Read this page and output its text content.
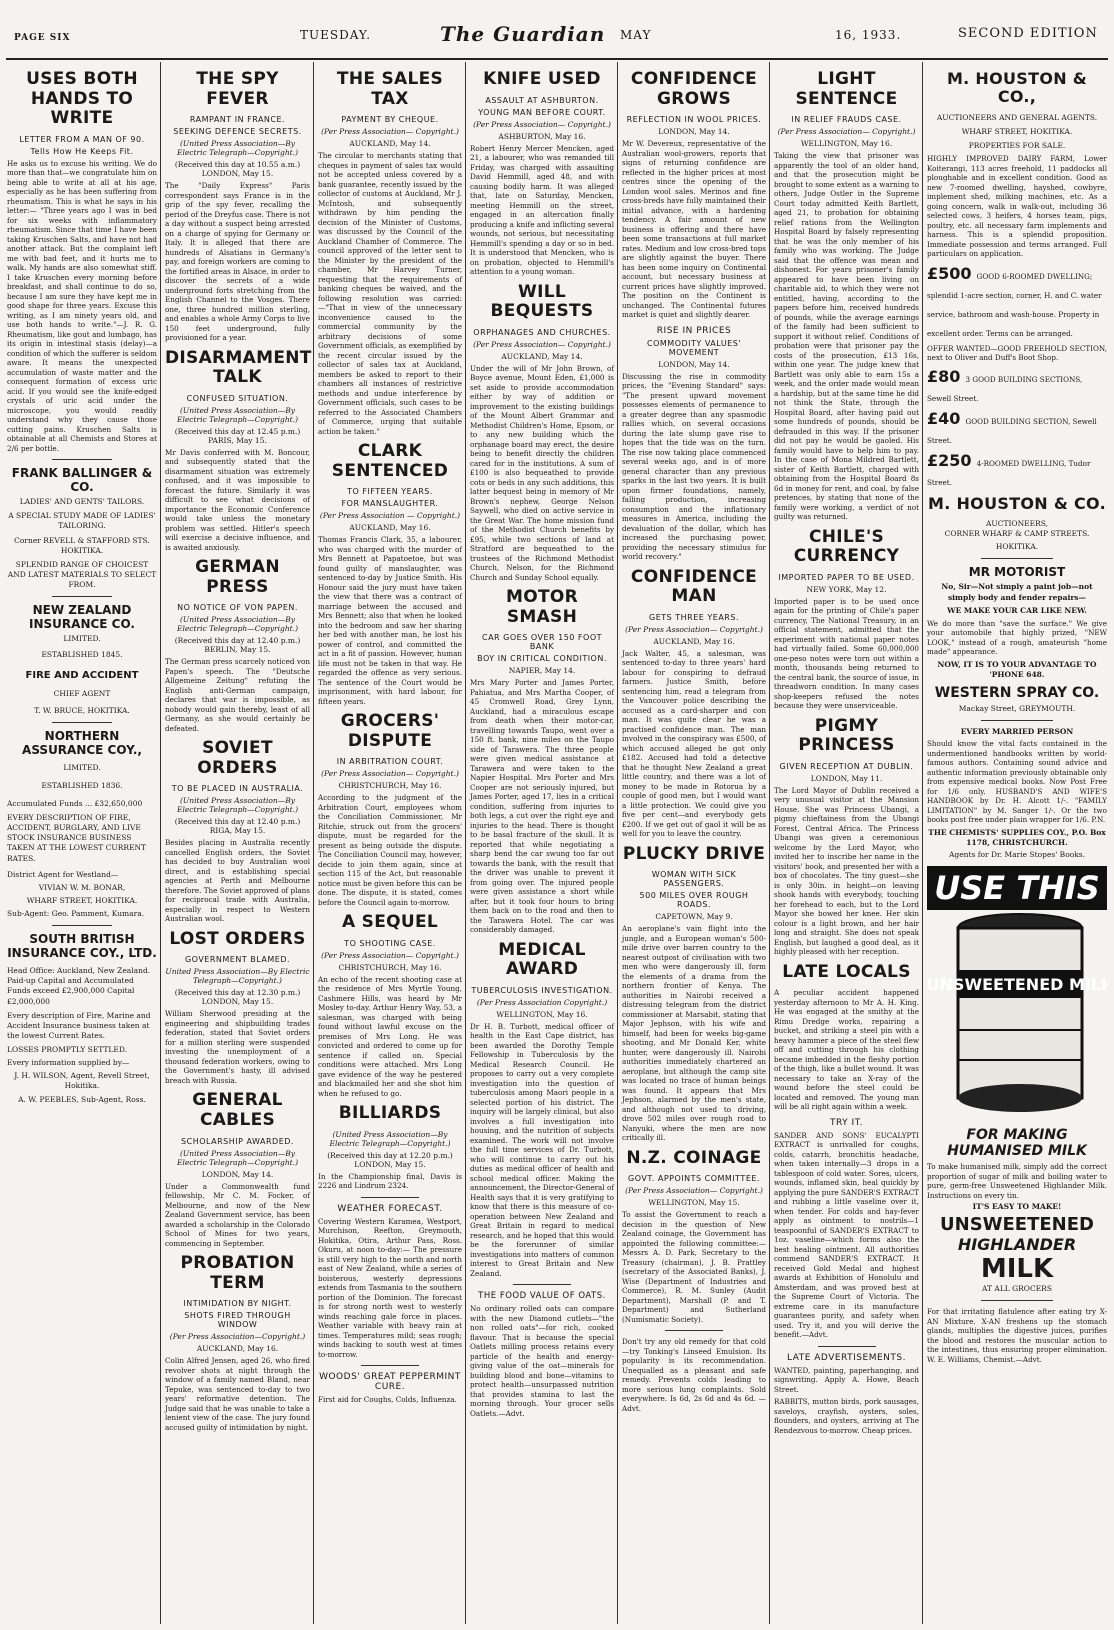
PAGE SIX	TUESDAY.	The Guardian MAY	16, 1933.	SECOND EDITION
USES BOTH HANDS TO WRITE
LETTER FROM A MAN OF 90.
Tells How He Keeps Fit.

He asks us to excuse his writing. We do more than that—we congratulate him on being able to write at all at his age, especially as he has been suffering from rheumatism. This is what he says in his letter:— "Three years ago I was in bed for six weeks with inflammatory rheumatism. Since that time I have been taking Kruschen Salts, and have not had another attack. But the complaint left me with bad feet, and it hurts me to walk. My hands are also somewhat stiff. I take Kruschen every morning before breakfast, and shall continue to do so, because I am sure they have kept me in good shape for three years. Excuse this writing, as I am ninety years old, and use both hands to write."—J. R. G. Rheumatism, like gout and lumbago, has its origin in intestinal stasis (delay)—a condition of which the sufferer is seldom aware. It means the unexpected accumulation of waste matter and the consequent formation of excess uric acid. If you would see the knife-edged crystals of uric acid under the microscope, you would readily understand why they cause those cutting pains. Kruschen Salts is obtainable at all Chemists and Stores at 2/6 per bottle.

FRANK BALLINGER & CO.
LADIES' AND GENTS' TAILORS.
A SPECIAL STUDY MADE OF LADIES' TAILORING.
Corner REVELL & STAFFORD STS. HOKITIKA.
SPLENDID RANGE OF CHOICEST AND LATEST MATERIALS TO SELECT FROM.
NEW ZEALAND INSURANCE CO.
LIMITED.
ESTABLISHED 1845.
FIRE AND ACCIDENT
CHIEF AGENT
T. W. BRUCE, HOKITIKA.
NORTHERN ASSURANCE COY.,
LIMITED.
ESTABLISHED 1836.
Accumulated Funds ... £32,650,000
EVERY DESCRIPTION OF FIRE, ACCIDENT, BURGLARY, AND LIVE STOCK INSURANCE BUSINESS TAKEN AT THE LOWEST CURRENT RATES.
District Agent for Westland—
VIVIAN W. M. BONAR,
WHARF STREET, HOKITIKA.
Sub-Agent: Geo. Pamment, Kumara.
SOUTH BRITISH INSURANCE COY., LTD.
Head Office: Auckland, New Zealand. Paid-up Capital and Accumulated Funds exceed £2,900,000 Capital £2,000,000
Every description of Fire, Marine and Accident Insurance business taken at the lowest Current Rates.
LOSSES PROMPTLY SETTLED.
Every information supplied by—
J. H. WILSON, Agent, Revell Street, Hokitika.
A. W. PEEBLES, Sub-Agent, Ross.
THE SPY FEVER
RAMPANT IN FRANCE.
SEEKING DEFENCE SECRETS.
(United Press Association—By Electric Telegraph—Copyright.)
(Received this day at 10.55 a.m.) LONDON, May 15.

The "Daily Express" Paris correspondent says France is in the grip of the spy fever, recalling the period of the Dreyfus case. There is not a day without a suspect being arrested on a charge of spying for Germany or Italy. It is alleged that there are hundreds of Alsatians in Germany's pay, and foreign workers are coming to the fortified areas in Alsace, in order to discover the secrets of a wide underground forts stretching from the English Channel to the Vosges. There one, three hundred million sterling, and enables a whole Army Corps to live 150 feet underground, fully provisioned for a year.

DISARMAMENT TALK
CONFUSED SITUATION.
(United Press Association—By Electric Telegraph—Copyright.)
(Received this day at 12.45 p.m.) PARIS, May 15.

Mr Davis conferred with M. Boncour, and subsequently stated that the disarmament situation was extremely confused, and it was impossible to forecast the future. Similarly it was difficult to see what decisions of importance the Economic Conference would take unless the monetary problem was settled. Hitler's speech will exercise a decisive influence, and is awaited anxiously.

GERMAN PRESS
NO NOTICE OF VON PAPEN.
(United Press Association—By Electric Telegraph—Copyright.)
(Received this day at 12.40 p.m.) BERLIN, May 15.

The German press scarcely noticed von Papen's speech. The "Deutsche Allgemeine Zeitung" refuting the English anti-German campaign, declares that war is impossible, as nobody would gain thereby, least of all Germany, as she would certainly be defeated.

SOVIET ORDERS
TO BE PLACED IN AUSTRALIA.
(United Press Association—By Electric Telegraph—Copyright.)
(Received this day at 12.40 p.m.) RIGA, May 15.

Besides placing in Australia recently cancelled English orders, the Soviet has decided to buy Australian wool direct, and is establishing special agencies at Perth and Melbourne therefore. The Soviet approved of plans for reciprocal trade with Australia, especially in respect to Western Australian wool.

LOST ORDERS
GOVERNMENT BLAMED.
United Press Association—By Electric Telegraph—Copyright.)
(Received this day at 12.30 p.m.) LONDON, May 15.

William Sherwood presiding at the engineering and shipbuilding trades federation, stated that Soviet orders for a million sterling were suspended investing the unemployment of a thousand federation workers, owing to the Government's hasty, ill advised breach with Russia.

GENERAL CABLES
SCHOLARSHIP AWARDED.
(United Press Association—By Electric Telegraph—Copyright.)
LONDON, May 14.

Under a Commonwealth fund fellowship, Mr C. M. Focker, of Melbourne, and now of the New Zealand Government service, has been awarded a scholarship in the Colorado School of Mines for two years, commencing in September.

PROBATION TERM
INTIMIDATION BY NIGHT.
SHOTS FIRED THROUGH WINDOW
(Per Press Association—Copyright.)
AUCKLAND, May 16.

Colin Alfred Jensen, aged 26, who fired revolver shots at night through the window of a family named Bland, near Tepuke, was sentenced to-day to two years' reformative detention. The Judge said that he was unable to take a lenient view of the case. The jury found accused guilty of intimidation by night.

THE SALES TAX
PAYMENT BY CHEQUE.
(Per Press Association— Copyright.)
AUCKLAND, May 14.

The circular to merchants stating that cheques in payment of sales tax would not be accepted unless covered by a bank guarantee, recently issued by the collector of customs at Auckland, Mr J. McIntosh, and subsequently withdrawn by him pending the decision of the Minister of Customs, was discussed by the Council of the Auckland Chamber of Commerce. The council approved of the letter sent to the Minister by the president of the chamber, Mr Harvey Turner, requesting that the requirements of banking cheques be waived, and the following resolution was carried:—"That in view of the unnecessary inconvenience caused to the commercial community by the arbitrary decisions of some Government officials, as exemplified by the recent circular issued by the collector of sales tax at Auckland, members be asked to report to their chambers all instances of restrictive methods and undue interference by Government officials, such cases to be referred to the Associated Chambers of Commerce, urging that suitable action be taken."

CLARK SENTENCED
TO FIFTEEN YEARS.
FOR MANSLAUGHTER.
(Per Press Association — Copyright.)
AUCKLAND, May 16.

Thomas Francis Clark, 35, a labourer, who was charged with the murder of Mrs Bennett at Papatoetoe, but was found guilty of manslaughter, was sentenced to-day by Justice Smith. His Honour said the jury must have taken the view that there was a contract of marriage between the accused and Mrs Bennett; also that when he looked into the bedroom and saw her sharing her bed with another man, he lost his power of control, and committed the act in a fit of passion. However, human life must not be taken in that way. He regarded the offence as very serious. The sentence of the Court would be imprisonment, with hard labour, for fifteen years.

GROCERS' DISPUTE
IN ARBITRATION COURT.
(Per Press Association— Copyright.)
CHRISTCHURCH, May 16.

According to the judgment of the Arbitration Court, employees whom the Conciliation Commissioner, Mr Ritchie, struck out from the grocers' dispute, must be regarded for the present as being outside the dispute. The Conciliation Council may, however, decide to join them again, since at section 115 of the Act, but reasonable notice must be given before this can be done. The dispute, it is stated, comes before the Council again to-morrow.

A SEQUEL
TO SHOOTING CASE.
(Per Press Association— Copyright.)
CHRISTCHURCH, May 16.

An echo of the recent shooting case at the residence of Mrs Myrtle Young, Cashmere Hills, was heard by Mr Mosley to-day. Arthur Henry Way, 53, a salesman, was charged with being found without lawful excuse on the premises of Mrs Long. He was convicted and ordered to come up for sentence if called on. Special conditions were attached. Mrs Long gave evidence of the way he pestered and blackmailed her and she shot him when he refused to go.

BILLIARDS
(United Press Association—By Electric Telegraph—Copyright.)
(Received this day at 12.20 p.m.) LONDON, May 15.

In the Championship final, Davis is 2226 and Lindrum 2324.

WEATHER FORECAST.

Covering Western Karamea, Westport, Murchison, Reefton, Greymouth, Hokitika, Otira, Arthur Pass, Ross. Okuru, at noon to-day:— The pressure is still very high to the north and north east of New Zealand, while a series of boisterous, westerly depressions extends from Tasmania to the southern portion of the Dominion. The forecast is for strong north west to westerly winds reaching gale force in places. Weather variable with heavy rain at times. Temperatures mild; seas rough; winds backing to south west at times to-morrow.

WOODS' GREAT PEPPERMINT CURE.

First aid for Coughs, Colds, Influenza.

KNIFE USED
ASSAULT AT ASHBURTON.
YOUNG MAN BEFORE COURT.
(Per Press Association— Copyright.)
ASHBURTON, May 16.

Robert Henry Mercer Mencken, aged 21, a labourer, who was remanded till Friday, was charged with assaulting David Hemmill, aged 48, and with causing bodily harm. It was alleged that, late on Saturday, Mencken, meeting Hemmill on the street, engaged in an altercation finally producing a knife and inflicting several wounds, not serious, but necessitating Hemmill's spending a day or so in bed. It is understood that Mencken, who is on probation, objected to Hemmill's attention to a young woman.

WILL BEQUESTS
ORPHANAGES AND CHURCHES.
(Per Press Association— Copyright.)
AUCKLAND, May 14.

Under the will of Mr John Brown, of Boyce avenue, Mount Eden, £1,000 is set aside to provide accommodation either by way of addition or improvement to the existing buildings of the Mount Albert Grammar and Methodist Children's Home, Epsom, or to any new building which the orphanage board may erect, the desire being to benefit directly the children cared for in the institutions. A sum of £100 is also bequeathed to provide cots or beds in any such additions, this latter bequest being in memory of Mr Brown's nephew, George Nelson Saywell, who died on active service in the Great War. The home mission fund of the Methodist Church benefits by £95, while two sections of land at Stratford are bequeathed to the trustees of the Richmond Methodist Church, Nelson, for the Richmond Church and Sunday School equally.

MOTOR SMASH
CAR GOES OVER 150 FOOT BANK
BOY IN CRITICAL CONDITION.
NAPIER, May 14.

Mrs Mary Porter and James Porter, Pahiatua, and Mrs Martha Cooper, of 45 Cromwell Road, Grey Lynn, Auckland, had a miraculous escape from death when their motor-car, travelling towards Taupo, went over a 150 ft. bank, nine miles on the Taupo side of Tarawera. The three people were given medical assistance at Tarawera and were taken to the Napier Hospital. Mrs Porter and Mrs Cooper are not seriously injured, but James Porter, aged 17, lies in a critical condition, suffering from injuries to both legs, a cut over the right eye and injuries to the head. There is thought to be basal fracture of the skull. It is reported that while negotiating a sharp bend the car swung too far out towards the bank, with the result that the driver was unable to prevent it from going over. The injured people were given assistance a short while after, but it took four hours to bring them back on to the road and then to the Tarawera Hotel. The car was considerably damaged.

MEDICAL AWARD
TUBERCULOSIS INVESTIGATION.
(Per Press Association Copyright.)
WELLINGTON, May 16.

Dr H. B. Turbott, medical officer of health in the East Cape district, has been awarded the Dorothy Temple Fellowship in Tuberculosis by the Medical Research Council. He proposes to carry out a very complete investigation into the question of tuberculosis among Maori people in a selected portion of his district. The inquiry will be largely clinical, but also involves a full investigation into housing, and the nutrition of subjects examined. The work will not involve the full time services of Dr. Turbott, who will continue to carry out his duties as medical officer of health and school medical officer. Making the announcement, the Director-General of Health says that it is very gratifying to know that there is this measure of co-operation between New Zealand and Great Britain in regard to medical research, and he hoped that this would be the forerunner of similar investigations into matters of common interest to Great Britain and New Zealand.

THE FOOD VALUE OF OATS.

No ordinary rolled oats can compare with the new Diamond cutlets—"the non rolled oats"—for rich, cooked flavour. That is because the special Oatlets milling process retains every particle of the health and energy-giving value of the oat—minerals for building blood and bone—vitamins to protect health—unsurpassed nutrition that provides stamina to last the morning through. Your grocer sells Oatlets.—Advt.

CONFIDENCE GROWS
REFLECTION IN WOOL PRICES.
LONDON, May 14.

Mr W. Devereux, representative of the Australian wool-growers, reports that signs of returning confidence are reflected in the higher prices at most centres since the opening of the London wool sales. Merinos and fine cross-breds have fully maintained their initial advance, with a hardening tendency. A fair amount of new business is offering and there have been some transactions at full market rates. Medium and low cross-bred tops are slightly against the buyer. There has been some inquiry on Continental account, but necessary business at current prices have slightly improved. The position on the Continent is unchanged. The Continental futures market is quiet and slightly dearer.

RISE IN PRICES
COMMODITY VALUES' MOVEMENT
LONDON, May 14.

Discussing the rise in commodity prices, the "Evening Standard" says: "The present upward movement possesses elements of permanence to a greater degree than any spasmodic rallies which, on several occasions during the late slump gave rise to hopes that the tide was on the turn. The rise now taking place commenced several weeks ago, and is of more general character than any previous sparks in the last two years. It is built upon firmer foundations, namely, falling production, increasing consumption and the inflationary measures in America, including the devaluation of the dollar, which has increased the purchasing power, providing the necessary stimulus for world recovery."

CONFIDENCE MAN
GETS THREE YEARS.
(Per Press Association— Copyright.)
AUCKLAND, May 16.

Jack Walter, 45, a salesman, was sentenced to-day to three years' hard labour for conspiring to defraud farmers. Justice Smith, before sentencing him, read a telegram from the Vancouver police describing the accused as a card-sharper and con man. It was quite clear he was a practised confidence man. The man involved in the conspiracy was £500, of which accused alleged he got only £182. Accused had told a detective that he thought New Zealand a great little country, and there was a lot of money to be made in Rotorua by a couple of good men, but I would want a little protection. We could give you five per cent—and everybody gets £200. If we get out of gaol it will be as well for you to leave the country.

PLUCKY DRIVE
WOMAN WITH SICK PASSENGERS.
500 MILES OVER ROUGH ROADS.
CAPETOWN, May 9.

An aeroplane's vain flight into the jungle, and a European woman's 500-mile drive over barren country to the nearest outpost of civilisation with two men who were dangerously ill, form the elements of a drama from the northern frontier of Kenya. The authorities in Nairobi received a distressing telegram from the district commissioner at Marsabit, stating that Major Jephson, with his wife and himself, had been for weeks big-game shooting, and Mr Donald Ker, white hunter, were dangerously ill. Nairobi authorities immediately chartered an aeroplane, but although the camp site was located no trace of human beings was found. It appears that Mrs Jephson, alarmed by the men's state, and although not used to driving, drove 502 miles over rough road to Nanyuki, where the men are now critically ill.

N.Z. COINAGE
GOVT. APPOINTS COMMITTEE.
(Per Press Association— Copyright.)
WELLINGTON, May 15.

To assist the Government to reach a decision in the question of New Zealand coinage, the Government has appointed the following committee:—Messrs A. D. Park, Secretary to the Treasury (chairman), J. B. Prattley (secretary of the Associated Banks), J. Wise (Department of Industries and Commerce), R. M. Sunley (Audit Department), Marshall (P. and T. Department) and Sutherland (Numismatic Society).

Don't try any old remedy for that cold—try Tonking's Linseed Emulsion. Its popularity is its recommendation. Unequalled as a pleasant and safe remedy. Prevents colds leading to more serious lung complaints. Sold everywhere. Is 6d, 2s 6d and 4s 6d. —Advt.

LIGHT SENTENCE
IN RELIEF FRAUDS CASE.
(Per Press Association— Copyright.)
WELLINGTON, May 16.

Taking the view that prisoner was apparently the tool of an older hand, and that the prosecution might be brought to some extent as a warning to others, Judge Ostler in the Supreme Court today admitted Keith Bartlett, aged 21, to probation for obtaining relief rations from the Wellington Hospital Board by falsely representing that he was the only member of his family who was working. The Judge said that the offence was mean and dishonest. For years prisoner's family appeared to have been living on charitable aid, to which they were not entitled, having, according to the papers before him, received hundreds of pounds, while the average earnings of the family had been sufficient to support it without relief. Conditions of probation were that prisoner pay the costs of the prosecution, £13 16s, within one year. The judge knew that Bartlett was only able to earn 15s a week, and the order made would mean a hardship, but at the same time he did not think the State, through the Hospital Board, after having paid out some hundreds of pounds, should be defrauded in this way. If the prisoner did not pay he would be gaoled. His family would have to help him to pay. In the case of Mona Mildred Bartlett, sister of Keith Bartlett, charged with obtaining from the Hospital Board 8s 6d in money for rent, and coal, by false pretences, by stating that none of the family were working, a verdict of not guilty was returned.

CHILE'S CURRENCY
IMPORTED PAPER TO BE USED.
NEW YORK, May 12.

Imported paper is to be used once again for the printing of Chile's paper currency, The National Treasury, in an official statement, admitted that the experiment with national paper notes had virtually failed. Some 60,000,000 one-peso notes were torn out within a month, thousands being returned to the central bank, the source of issue, in threadworn condition. In many cases shop-keepers refused the notes because they were unserviceable.

PIGMY PRINCESS
GIVEN RECEPTION AT DUBLIN.
LONDON, May 11.

The Lord Mayor of Dublin received a very unusual visitor at the Mansion House. She was Princess Ubangi, a pigmy chieftainess from the Ubangi Forest, Central Africa. The Princess Ubangi was given a ceremonious welcome by the Lord Mayor, who invited her to inscribe her name in the visitors' book, and presented her with a box of chocolates. The tiny guest—she is only 30in. in height—on leaving shook hands with everybody, touching her forehead to each, but to the Lord Mayor she bowed her knee. Her skin colour is a light brown, and her hair long and straight. She does not speak English, but laughed a good deal, as it highly pleased with her reception.

LATE LOCALS

A peculiar accident happened yesterday afternoon to Mr A. H. King. He was engaged at the smithy at the Rimu Dredge works, repairing a bucket, and striking a steel pin with a heavy hammer a piece of the steel flew off and cutting through his clothing became imbedded in the fleshy portion of the thigh, like a bullet wound. It was necessary to take an X-ray of the wound before the steel could be located and removed. The young man will be all right again within a week.

TRY IT.

SANDER AND SONS' EUCALYPTI EXTRACT is unrivalled for coughs, colds, catarrh, bronchitis headache, when taken internally—3 drops in a tablespoon of cold water. Sores, ulcers, wounds, inflamed skin, heal quickly by applying the pure SANDER'S EXTRACT and rubbing a little vaseline over it, when tender. For colds and hay-fever apply as ointment to nostrils—1 teaspoonful of SANDER'S EXTRACT to 1oz. vaseline—which forms also the best healing ointment. All authorities commend SANDER'S EXTRACT. It received Gold Medal and highest awards at Exhibition of Honolulu and Amsterdam, and was proved best at the Supreme Court of Victoria. The extreme care in its manufacture guarantees purity, and safety when used. Try it, and you will derive the benefit.—Advt.

LATE ADVERTISEMENTS.

WANTED, painting, paperhanging, and signwriting. Apply A. Howe, Beach Street.

RABBITS, mutton birds, pork sausages, saveloys, crayfish, oysters, soles, flounders, and oysters, arriving at The Rendezvous to-morrow. Cheap prices.

M. HOUSTON & CO.,
AUCTIONEERS AND GENERAL AGENTS.
WHARF STREET, HOKITIKA.
PROPERTIES FOR SALE.

HIGHLY IMPROVED DAIRY FARM, Lower Koiterangi, 113 acres freehold, 11 paddocks all ploughable and in excellent condition. Good as new 7-roomed dwelling, hayshed, cowbyre, implement shed, milking machines, etc. As a going concern, walk in walk-out, including 36 selected cows, 3 heifers, 4 horses team, pigs, poultry, etc. all necessary farm implements and harness. This is a splendid proposition. Immediate possession and terms arranged. Full particulars on application.

£500 GOOD 6-ROOMED DWELLING; splendid 1-acre section, corner, H. and C. water service, bathroom and wash-house. Property in excellent order. Terms can be arranged.

OFFER WANTED—GOOD FREEHOLD SECTION, next to Oliver and Duff's Boot Shop.

£80 3 GOOD BUILDING SECTIONS, Sewell Street.
£40 GOOD BUILDING SECTION, Sewell Street.
£250 4-ROOMED DWELLING, Tudor Street.
M. HOUSTON & CO.
AUCTIONEERS,
CORNER WHARF & CAMP STREETS.
HOKITIKA.
MR MOTORIST
No, Sir—Not simply a paint job—not simply body and fender repairs—
WE MAKE YOUR CAR LIKE NEW.

We do more than "save the surface." We give your automobile that highly prized, "NEW LOOK," instead of a rough, amateurish "home made" appearance.

NOW, IT IS TO YOUR ADVANTAGE TO 'PHONE 648.
WESTERN SPRAY CO.
Mackay Street, GREYMOUTH.
EVERY MARRIED PERSON

Should know the vital facts contained in the undermentioned handbooks written by world-famous authors. Containing sound advice and authentic information previously obtainable only from expensive medical books. Now Post Free for 1/6 only. HUSBAND'S AND WIFE'S HANDBOOK by Dr. H. Alcott 1/-. "FAMILY LIMITATION" by M. Sanger 1/-. Or the two books post free under plain wrapper for 1/6. P.N.

THE CHEMISTS' SUPPLIES COY., P.O. Box 1178, CHRISTCHURCH.
Agents for Dr. Marie Stopes' Books.
USE THIS
UNSWEETENED MILK
FOR MAKING HUMANISED MILK

To make humanised milk, simply add the correct proportion of sugar of milk and boiling water to pure, germ-free Unsweetened Highlander Milk. Instructions on every tin.

IT'S EASY TO MAKE!
UNSWEETENED
HIGHLANDER
MILK
AT ALL GROCERS

For that irritating flatulence after eating try X-AN Mixture. X-AN freshens up the stomach glands, multiplies the digestive juices, purifies the blood and restores the muscular action to the intestines, thus ensuring proper elimination. W. E. Williams, Chemist.—Advt.
